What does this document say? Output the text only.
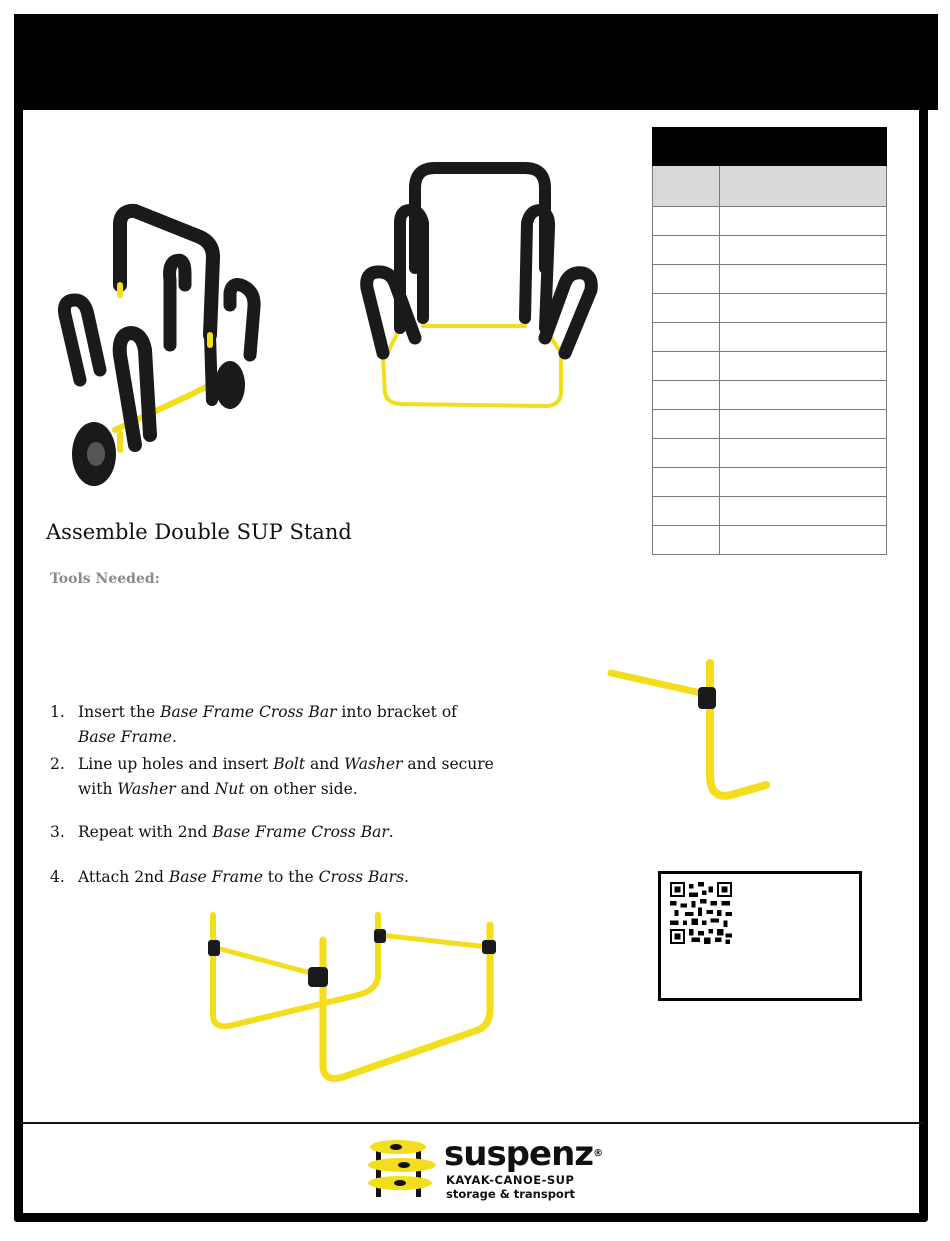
Assemble Double SUP Stand

Tools Needed:

1. Insert the Base Frame Cross Bar into bracket of Base Frame.
2. Line up holes and insert Bolt and Washer and secure with Washer and Nut on other side.
3. Repeat with 2nd Base Frame Cross Bar.
4. Attach 2nd Base Frame to the Cross Bars.
suspenz®
KAYAK-CANOE-SUP
storage & transport
